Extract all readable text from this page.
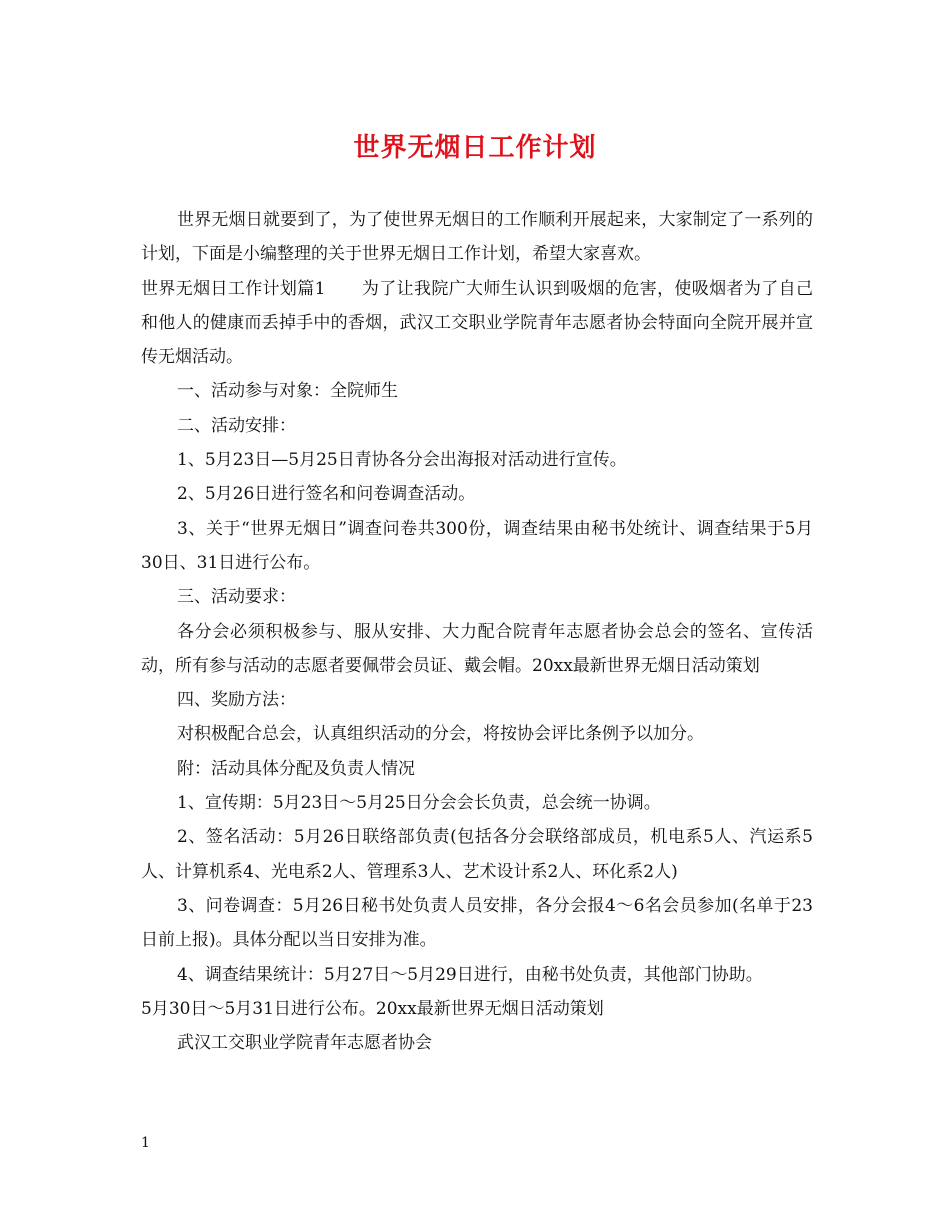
世界无烟日工作计划

世界无烟日就要到了，为了使世界无烟日的工作顺利开展起来，大家制定了一系列的计划，下面是小编整理的关于世界无烟日工作计划，希望大家喜欢。

世界无烟日工作计划篇1 为了让我院广大师生认识到吸烟的危害，使吸烟者为了自己和他人的健康而丢掉手中的香烟，武汉工交职业学院青年志愿者协会特面向全院开展并宣传无烟活动。

一、活动参与对象：全院师生

二、活动安排：

1、5月23日—5月25日青协各分会出海报对活动进行宣传。

2、5月26日进行签名和问卷调查活动。

3、关于“世界无烟日”调查问卷共300份，调查结果由秘书处统计、调查结果于5月30日、31日进行公布。

三、活动要求：

各分会必须积极参与、服从安排、大力配合院青年志愿者协会总会的签名、宣传活动，所有参与活动的志愿者要佩带会员证、戴会帽。20xx最新世界无烟日活动策划

四、奖励方法：

对积极配合总会，认真组织活动的分会，将按协会评比条例予以加分。

附：活动具体分配及负责人情况

1、宣传期：5月23日～5月25日分会会长负责，总会统一协调。

2、签名活动：5月26日联络部负责(包括各分会联络部成员，机电系5人、汽运系5人、计算机系4、光电系2人、管理系3人、艺术设计系2人、环化系2人)

3、问卷调查：5月26日秘书处负责人员安排，各分会报4～6名会员参加(名单于23日前上报)。具体分配以当日安排为准。

4、调查结果统计：5月27日～5月29日进行，由秘书处负责，其他部门协助。

5月30日～5月31日进行公布。20xx最新世界无烟日活动策划

武汉工交职业学院青年志愿者协会

1
